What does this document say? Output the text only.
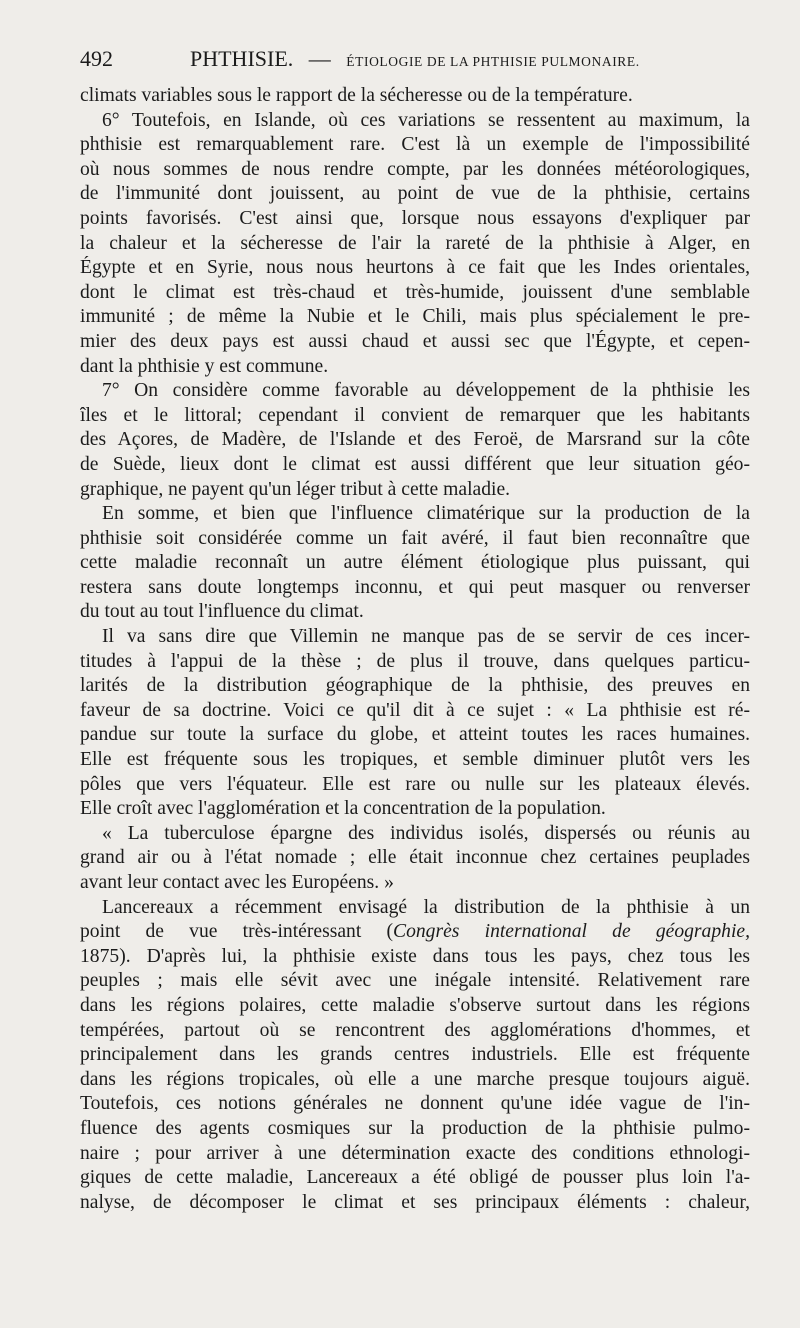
492	PHTHISIE. — ÉTIOLOGIE DE LA PHTHISIE PULMONAIRE.

climats variables sous le rapport de la sécheresse ou de la température.

6° Toutefois, en Islande, où ces variations se ressentent au maximum, la
phthisie est remarquablement rare. C'est là un exemple de l'impossibilité
où nous sommes de nous rendre compte, par les données météorologiques,
de l'immunité dont jouissent, au point de vue de la phthisie, certains
points favorisés. C'est ainsi que, lorsque nous essayons d'expliquer par
la chaleur et la sécheresse de l'air la rareté de la phthisie à Alger, en
Égypte et en Syrie, nous nous heurtons à ce fait que les Indes orientales,
dont le climat est très-chaud et très-humide, jouissent d'une semblable
immunité ; de même la Nubie et le Chili, mais plus spécialement le pre-
mier des deux pays est aussi chaud et aussi sec que l'Égypte, et cepen-
dant la phthisie y est commune.

7° On considère comme favorable au développement de la phthisie les
îles et le littoral; cependant il convient de remarquer que les habitants
des Açores, de Madère, de l'Islande et des Feroë, de Marsrand sur la côte
de Suède, lieux dont le climat est aussi différent que leur situation géo-
graphique, ne payent qu'un léger tribut à cette maladie.

En somme, et bien que l'influence climatérique sur la production de la
phthisie soit considérée comme un fait avéré, il faut bien reconnaître que
cette maladie reconnaît un autre élément étiologique plus puissant, qui
restera sans doute longtemps inconnu, et qui peut masquer ou renverser
du tout au tout l'influence du climat.

Il va sans dire que Villemin ne manque pas de se servir de ces incer-
titudes à l'appui de la thèse ; de plus il trouve, dans quelques particu-
larités de la distribution géographique de la phthisie, des preuves en
faveur de sa doctrine. Voici ce qu'il dit à ce sujet : « La phthisie est ré-
pandue sur toute la surface du globe, et atteint toutes les races humaines.
Elle est fréquente sous les tropiques, et semble diminuer plutôt vers les
pôles que vers l'équateur. Elle est rare ou nulle sur les plateaux élevés.
Elle croît avec l'agglomération et la concentration de la population.

« La tuberculose épargne des individus isolés, dispersés ou réunis au
grand air ou à l'état nomade ; elle était inconnue chez certaines peuplades
avant leur contact avec les Européens. »

Lancereaux a récemment envisagé la distribution de la phthisie à un
point de vue très-intéressant (Congrès international de géographie,
1875). D'après lui, la phthisie existe dans tous les pays, chez tous les
peuples ; mais elle sévit avec une inégale intensité. Relativement rare
dans les régions polaires, cette maladie s'observe surtout dans les régions
tempérées, partout où se rencontrent des agglomérations d'hommes, et
principalement dans les grands centres industriels. Elle est fréquente
dans les régions tropicales, où elle a une marche presque toujours aiguë.
Toutefois, ces notions générales ne donnent qu'une idée vague de l'in-
fluence des agents cosmiques sur la production de la phthisie pulmo-
naire ; pour arriver à une détermination exacte des conditions ethnologi-
giques de cette maladie, Lancereaux a été obligé de pousser plus loin l'a-
nalyse, de décomposer le climat et ses principaux éléments : chaleur,
